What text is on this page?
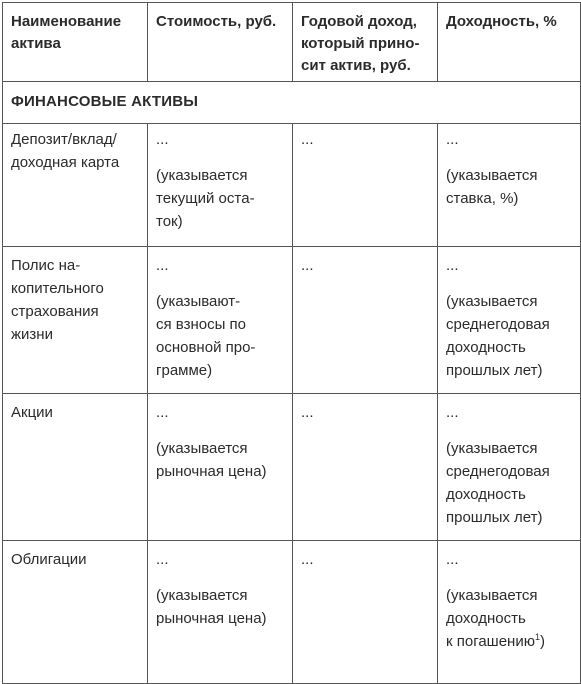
Наименование
актива	Стоимость, руб.	Годовой доход,
который прино-
сит актив, руб.	Доходность, %

ФИНАНСОВЫЕ АКТИВЫ			

Депозит/вклад/
доходная карта	...
(указывается
текущий остa-
ток)	...	...
(указывается
ставка, %)

Полис на-
копительного
страхования
жизни	...
(указывают-
ся взносы по
основной про-
грамме)	...	...
(указывается
среднегодовая
доходность
прошлых лет)

Акции	...
(указывается
рыночная цена)	...	...
(указывается
среднегодовая
доходность
прошлых лет)

Облигации	...
(указывается
рыночная цена)	...	...
(указывается
доходность
к погашению$^1$)
